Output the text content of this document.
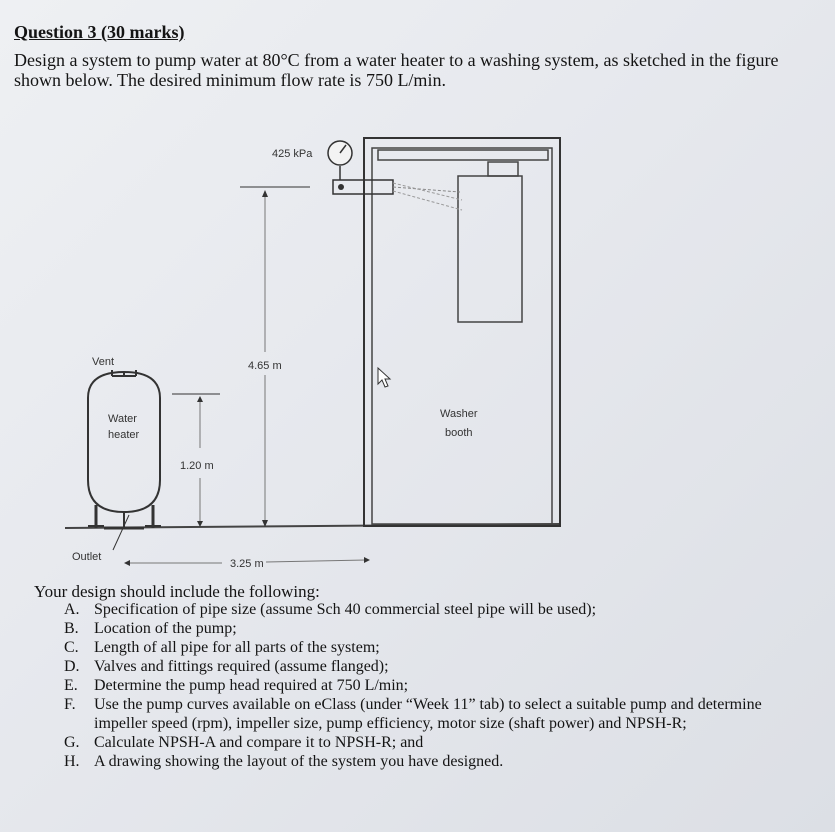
Question 3 (30 marks)
Design a system to pump water at 80°C from a water heater to a washing system, as sketched in the figure shown below. The desired minimum flow rate is 750 L/min.
Vent
Water
heater
Outlet
1.20 m
4.65 m
3.25 m
Washer
booth
425 kPa
Your design should include the following:
A. Specification of pipe size (assume Sch 40 commercial steel pipe will be used);
B. Location of the pump;
C. Length of all pipe for all parts of the system;
D. Valves and fittings required (assume flanged);
E.	Determine the pump head required at 750 L/min;
F.	Use the pump curves available on eClass (under “Week 11” tab) to select a suitable pump and determine impeller speed (rpm), impeller size, pump efficiency, motor size (shaft power) and NPSH-R;
G. Calculate NPSH-A and compare it to NPSH-R; and
H. A drawing showing the layout of the system you have designed.
